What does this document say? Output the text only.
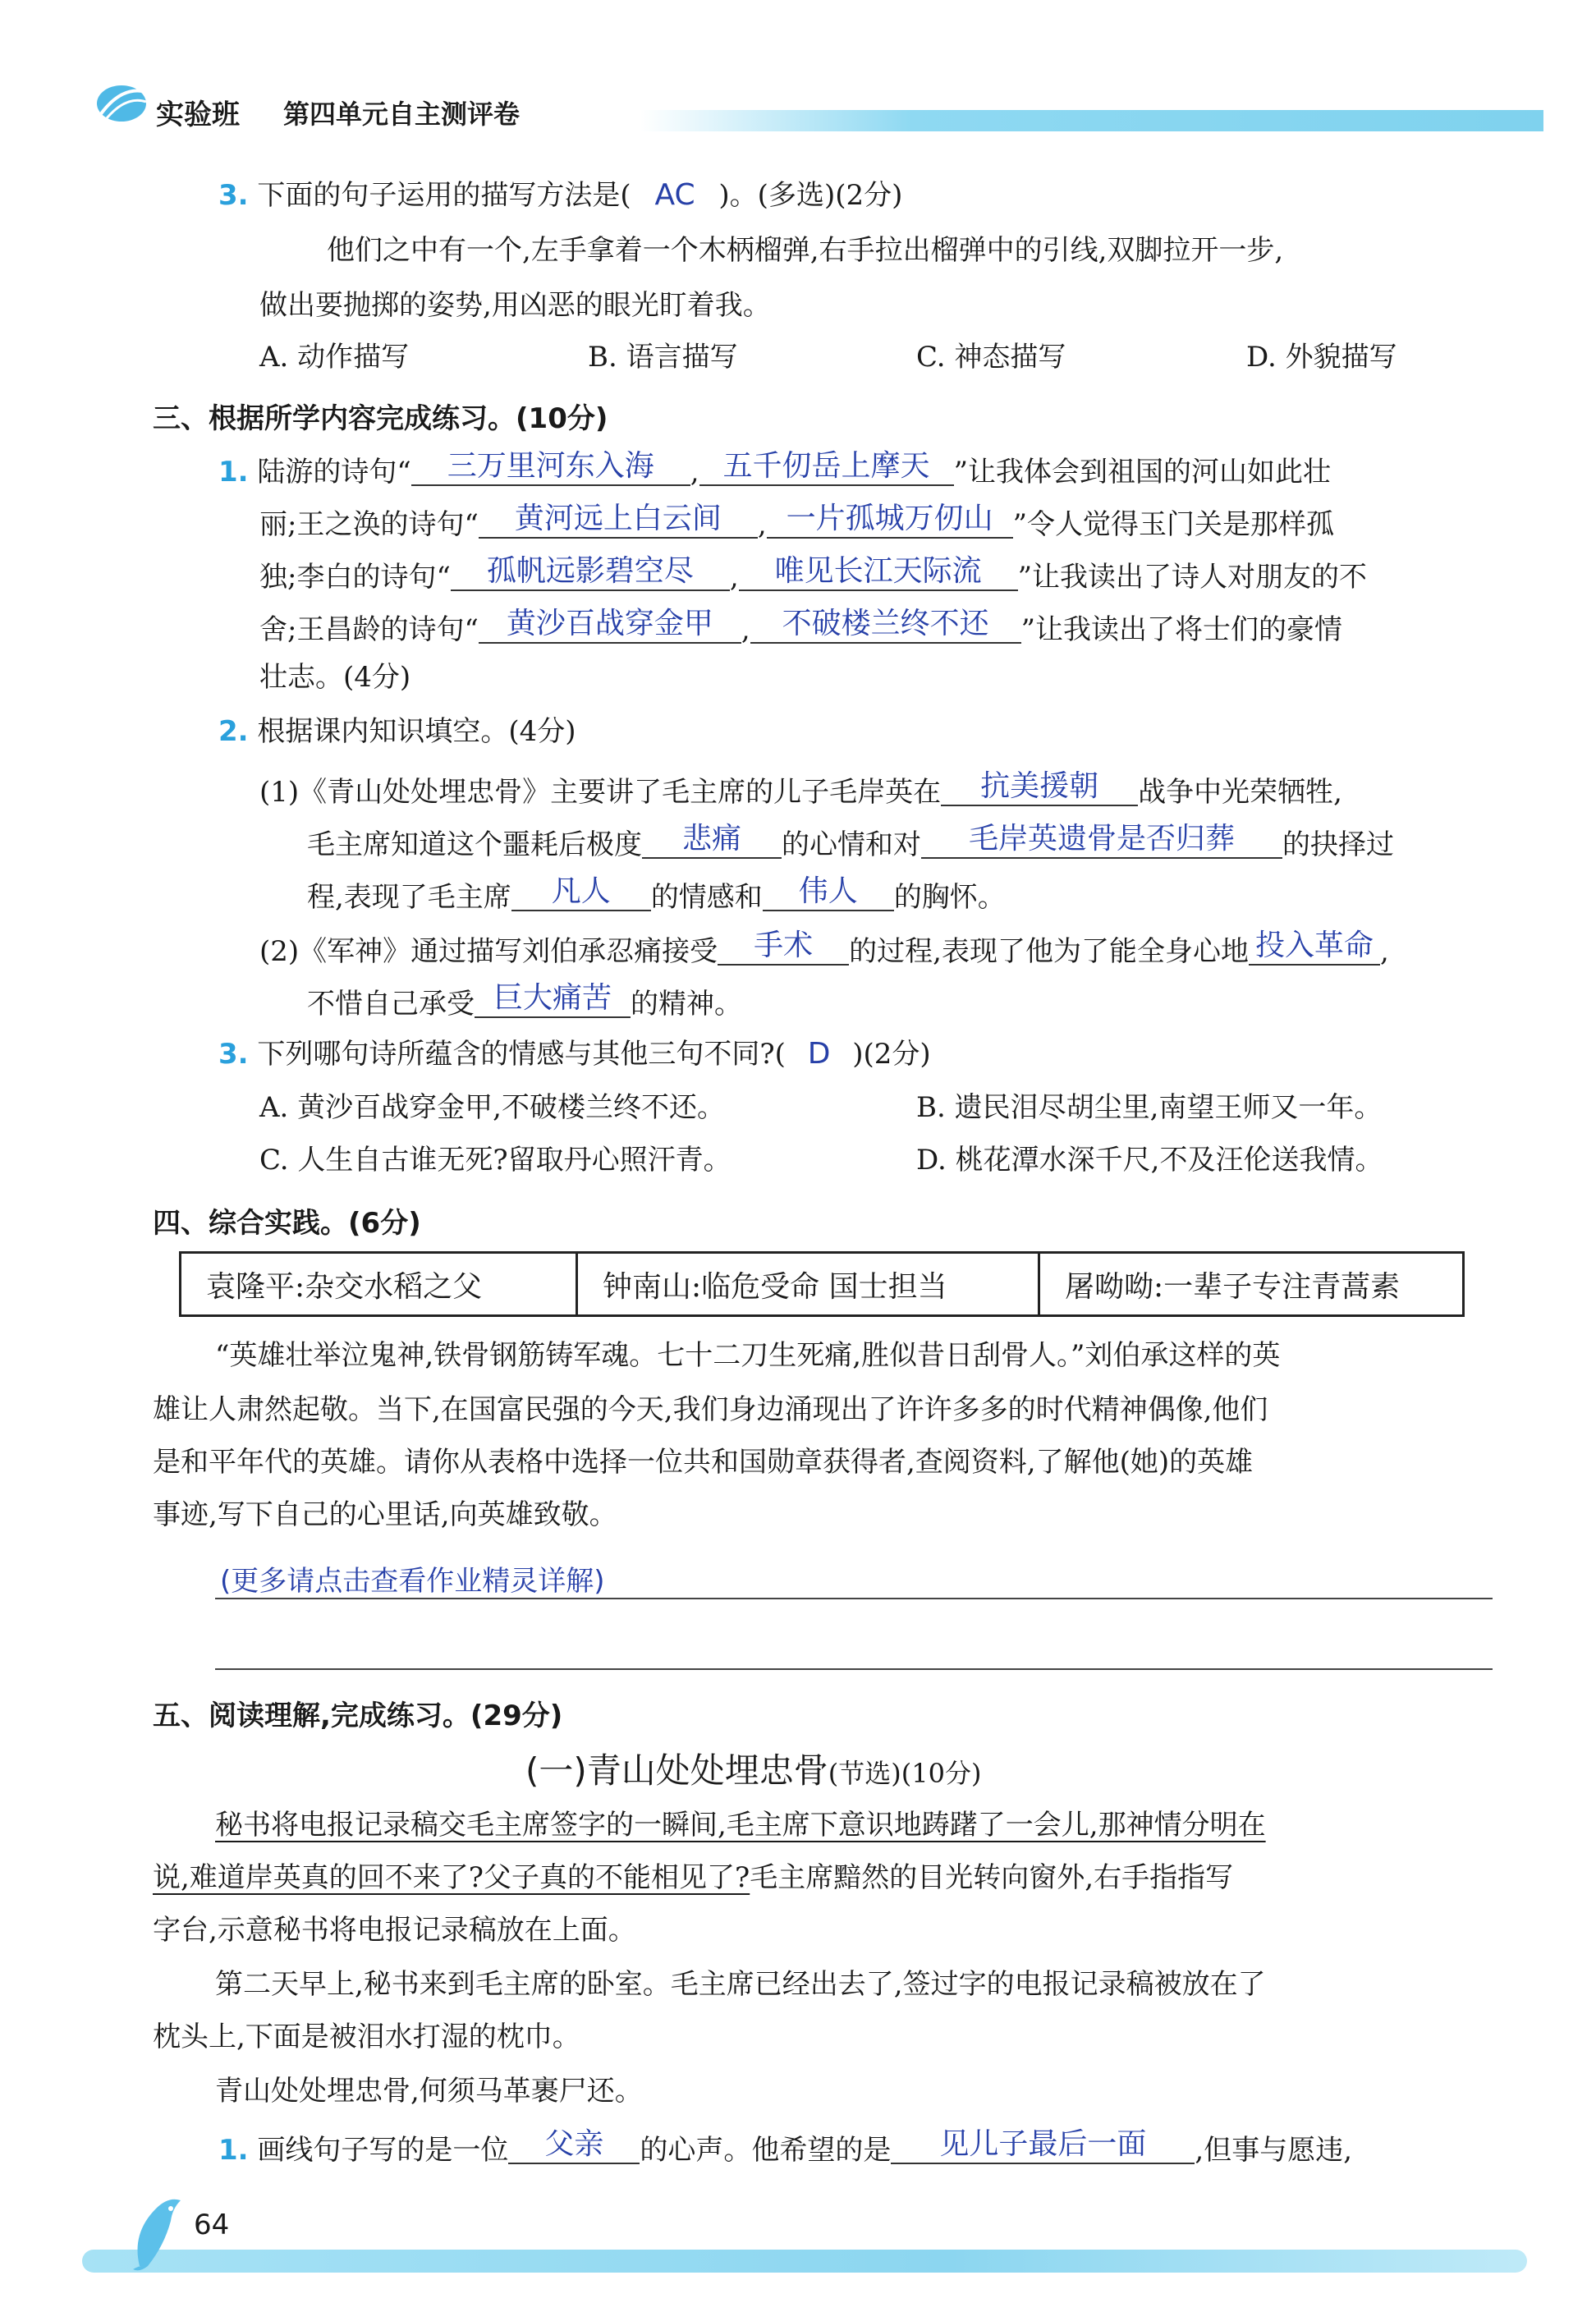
实验班 第四单元自主测评卷
3. 下面的句子运用的描写方法是( AC )。(多选)(2分)
他们之中有一个,左手拿着一个木柄榴弹,右手拉出榴弹中的引线,双脚拉开一步,
做出要抛掷的姿势,用凶恶的眼光盯着我。
A. 动作描写	B. 语言描写	C. 神态描写	D. 外貌描写
三、根据所学内容完成练习。(10分)
1. 陆游的诗句“ 三万里河东入海 , 五千仞岳上摩天 ”让我体会到祖国的河山如此壮
丽;王之涣的诗句“ 黄河远上白云间 , 一片孤城万仞山 ”令人觉得玉门关是那样孤
独;李白的诗句“ 孤帆远影碧空尽 , 唯见长江天际流 ”让我读出了诗人对朋友的不
舍;王昌龄的诗句“ 黄沙百战穿金甲 , 不破楼兰终不还 ”让我读出了将士们的豪情
壮志。(4分)
2. 根据课内知识填空。(4分)
(1)《青山处处埋忠骨》主要讲了毛主席的儿子毛岸英在 抗美援朝 战争中光荣牺牲,
毛主席知道这个噩耗后极度 悲痛 的心情和对 毛岸英遗骨是否归葬 的抉择过
程,表现了毛主席 凡人 的情感和 伟人 的胸怀。
(2)《军神》通过描写刘伯承忍痛接受 手术 的过程,表现了他为了能全身心地 投入革命 ,
不惜自己承受 巨大痛苦 的精神。
3. 下列哪句诗所蕴含的情感与其他三句不同?( D )(2分)
A. 黄沙百战穿金甲,不破楼兰终不还。	B. 遗民泪尽胡尘里,南望王师又一年。
C. 人生自古谁无死?留取丹心照汗青。	D. 桃花潭水深千尺,不及汪伦送我情。
四、综合实践。(6分)
袁隆平:杂交水稻之父	钟南山:临危受命 国士担当	屠呦呦:一辈子专注青蒿素
“英雄壮举泣鬼神,铁骨钢筋铸军魂。七十二刀生死痛,胜似昔日刮骨人。”刘伯承这样的英
雄让人肃然起敬。当下,在国富民强的今天,我们身边涌现出了许许多多的时代精神偶像,他们
是和平年代的英雄。请你从表格中选择一位共和国勋章获得者,查阅资料,了解他(她)的英雄
事迹,写下自己的心里话,向英雄致敬。
(更多请点击查看作业精灵详解)
五、阅读理解,完成练习。(29分)
(一)青山处处埋忠骨(节选)(10分)
秘书将电报记录稿交毛主席签字的一瞬间,毛主席下意识地踌躇了一会儿,那神情分明在
说,难道岸英真的回不来了?父子真的不能相见了?毛主席黯然的目光转向窗外,右手指指写
字台,示意秘书将电报记录稿放在上面。
第二天早上,秘书来到毛主席的卧室。毛主席已经出去了,签过字的电报记录稿被放在了
枕头上,下面是被泪水打湿的枕巾。
青山处处埋忠骨,何须马革裹尸还。
1. 画线句子写的是一位 父亲 的心声。他希望的是 见儿子最后一面 ,但事与愿违,
64
